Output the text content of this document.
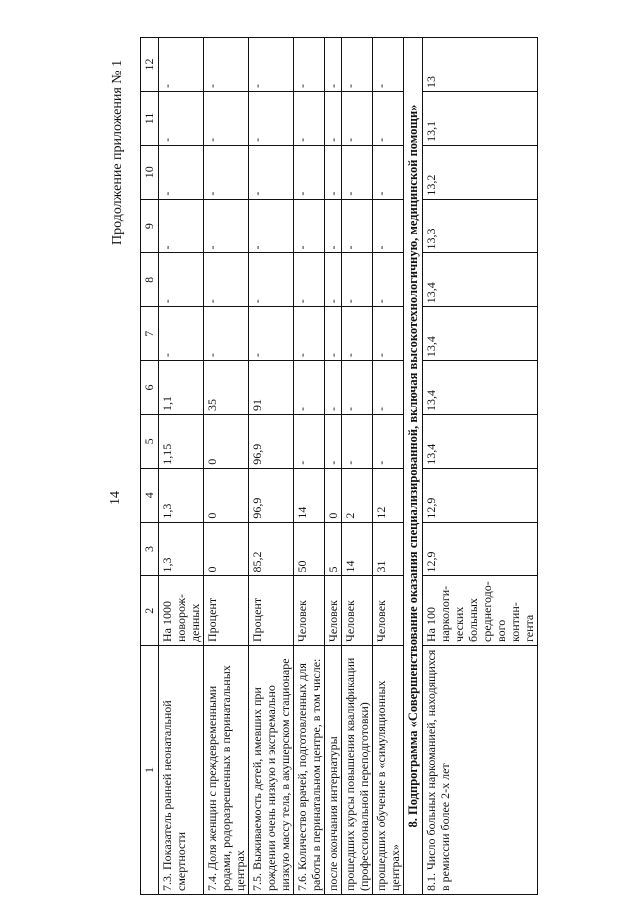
14
Продолжение приложения № 1
1	2	3	4	5	6	7	8	9	10	11	12
7.3. Показатель ранней неонатальной смертности	На 1000 новорож-денных	1,3	1,3	1,15	1,1	-	-	-	-	-	-
7.4. Доля женщин с преждевременными родами, родоразрешенных в перинатальных центрах	Процент	0	0	0	35	-	-	-	-	-	-
7.5. Выживаемость детей, имевших при рождении очень низкую и экстремально низкую массу тела, в акушерском стационаре	Процент	85,2	96,9	96,9	91	-	-	-	-	-	-
7.6. Количество врачей, подготовленных для работы в перинатальном центре, в том числе:	Человек	50	14	-	-	-	-	-	-	-	-
после окончания интернатуры	Человек	5	0	-	-	-	-	-	-	-	-
прошедших курсы повышения квалификации (профессиональной переподготовки)	Человек	14	2	-	-	-	-	-	-	-	-
прошедших обучение в «симуляционных центрах»	Человек	31	12	-	-	-	-	-	-	-	-
8. Подпрограмма «Совершенствование оказания специализированной, включая высокотехнологичную, медицинской помощи»											
8.1. Число больных наркоманией, находящихся в ремиссии более 2-х лет	На 100 наркологи-ческих больных среднегодо-вого контин-гента	12,9	12,9	13,4	13,4	13,4	13,4	13,3	13,2	13,1	13
